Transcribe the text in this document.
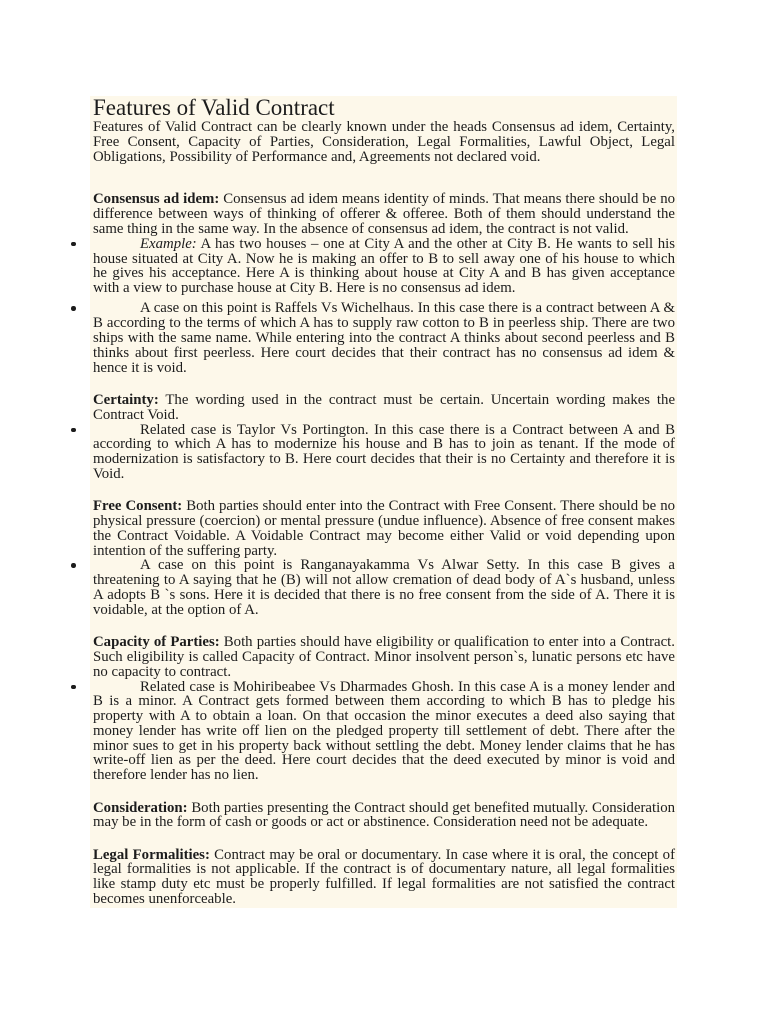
Features of Valid Contract

Features of Valid Contract can be clearly known under the heads Consensus ad idem, Certainty, Free Consent, Capacity of Parties, Consideration, Legal Formalities, Lawful Object, Legal Obligations, Possibility of Performance and, Agreements not declared void.

Consensus ad idem: Consensus ad idem means identity of minds. That means there should be no difference between ways of thinking of offerer & offeree. Both of them should understand the same thing in the same way. In the absence of consensus ad idem, the contract is not valid.

Example: A has two houses – one at City A and the other at City B. He wants to sell his house situated at City A. Now he is making an offer to B to sell away one of his house to which he gives his acceptance. Here A is thinking about house at City A and B has given acceptance with a view to purchase house at City B. Here is no consensus ad idem.
A case on this point is Raffels Vs Wichelhaus. In this case there is a contract between A & B according to the terms of which A has to supply raw cotton to B in peerless ship. There are two ships with the same name. While entering into the contract A thinks about second peerless and B thinks about first peerless. Here court decides that their contract has no consensus ad idem & hence it is void.

Certainty: The wording used in the contract must be certain. Uncertain wording makes the Contract Void.

Related case is Taylor Vs Portington. In this case there is a Contract between A and B according to which A has to modernize his house and B has to join as tenant. If the mode of modernization is satisfactory to B. Here court decides that their is no Certainty and therefore it is Void.

Free Consent: Both parties should enter into the Contract with Free Consent. There should be no physical pressure (coercion) or mental pressure (undue influence). Absence of free consent makes the Contract Voidable. A Voidable Contract may become either Valid or void depending upon intention of the suffering party.

A case on this point is Ranganayakamma Vs Alwar Setty. In this case B gives a threatening to A saying that he (B) will not allow cremation of dead body of A`s husband, unless A adopts B `s sons. Here it is decided that there is no free consent from the side of A. There it is voidable, at the option of A.

Capacity of Parties: Both parties should have eligibility or qualification to enter into a Contract. Such eligibility is called Capacity of Contract. Minor insolvent person`s, lunatic persons etc have no capacity to contract.

Related case is Mohiribeabee Vs Dharmades Ghosh. In this case A is a money lender and B is a minor. A Contract gets formed between them according to which B has to pledge his property with A to obtain a loan. On that occasion the minor executes a deed also saying that money lender has write off lien on the pledged property till settlement of debt. There after the minor sues to get in his property back without settling the debt. Money lender claims that he has write-off lien as per the deed. Here court decides that the deed executed by minor is void and therefore lender has no lien.

Consideration: Both parties presenting the Contract should get benefited mutually. Consideration may be in the form of cash or goods or act or abstinence. Consideration need not be adequate.

Legal Formalities: Contract may be oral or documentary. In case where it is oral, the concept of legal formalities is not applicable. If the contract is of documentary nature, all legal formalities like stamp duty etc must be properly fulfilled. If legal formalities are not satisfied the contract becomes unenforceable.
